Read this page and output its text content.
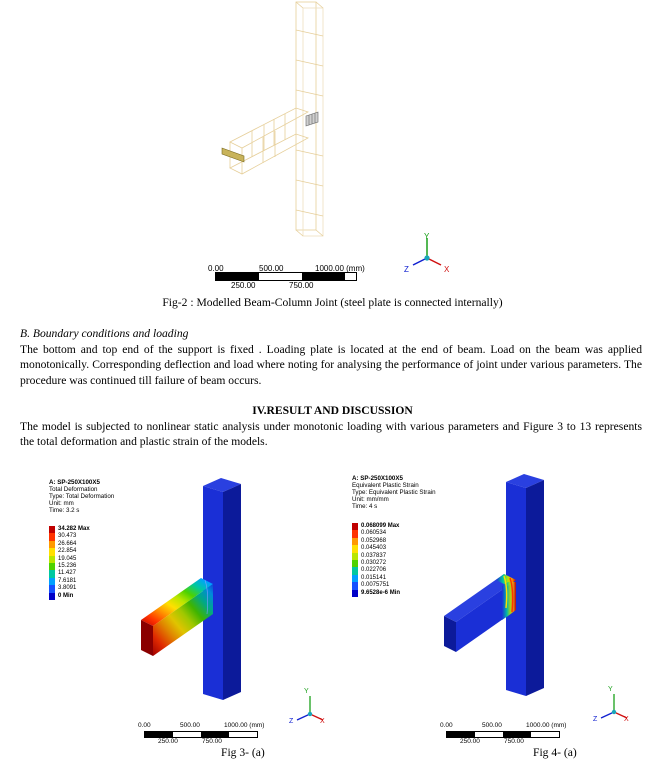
Y
X
Z
0.00	500.00	1000.00 (mm)
250.00	750.00
Fig-2 : Modelled Beam-Column Joint (steel plate is connected internally)
B. Boundary conditions and loading
The bottom and top end of the support is fixed . Loading plate is located at the end of beam. Load on the beam was applied monotonically. Corresponding deflection and load where noting for analysing the performance of joint under various parameters. The procedure was continued till failure of beam occurs.
IV.RESULT AND DISCUSSION
The model is subjected to nonlinear static analysis under monotonic loading with various parameters and Figure 3 to 13 represents the total deformation and plastic strain of the models.
A: SP-250X100X5
Total Deformation
Type: Total Deformation
Unit: mm
Time: 3.2 s
34.282 Max
30.473
26.664
22.854
19.045
15.236
11.427
7.6181
3.8091
0 Min
Y
X
Z
0.00	500.00	1000.00 (mm)
250.00	750.00
Fig 3- (a)
A: SP-250X100X5
Equivalent Plastic Strain
Type: Equivalent Plastic Strain
Unit: mm/mm
Time: 4 s
0.068099 Max
0.060534
0.052968
0.045403
0.037837
0.030272
0.022706
0.015141
0.0075751
9.6528e-6 Min
Y
X
Z
0.00	500.00	1000.00 (mm)
250.00	750.00
Fig 4- (a)
